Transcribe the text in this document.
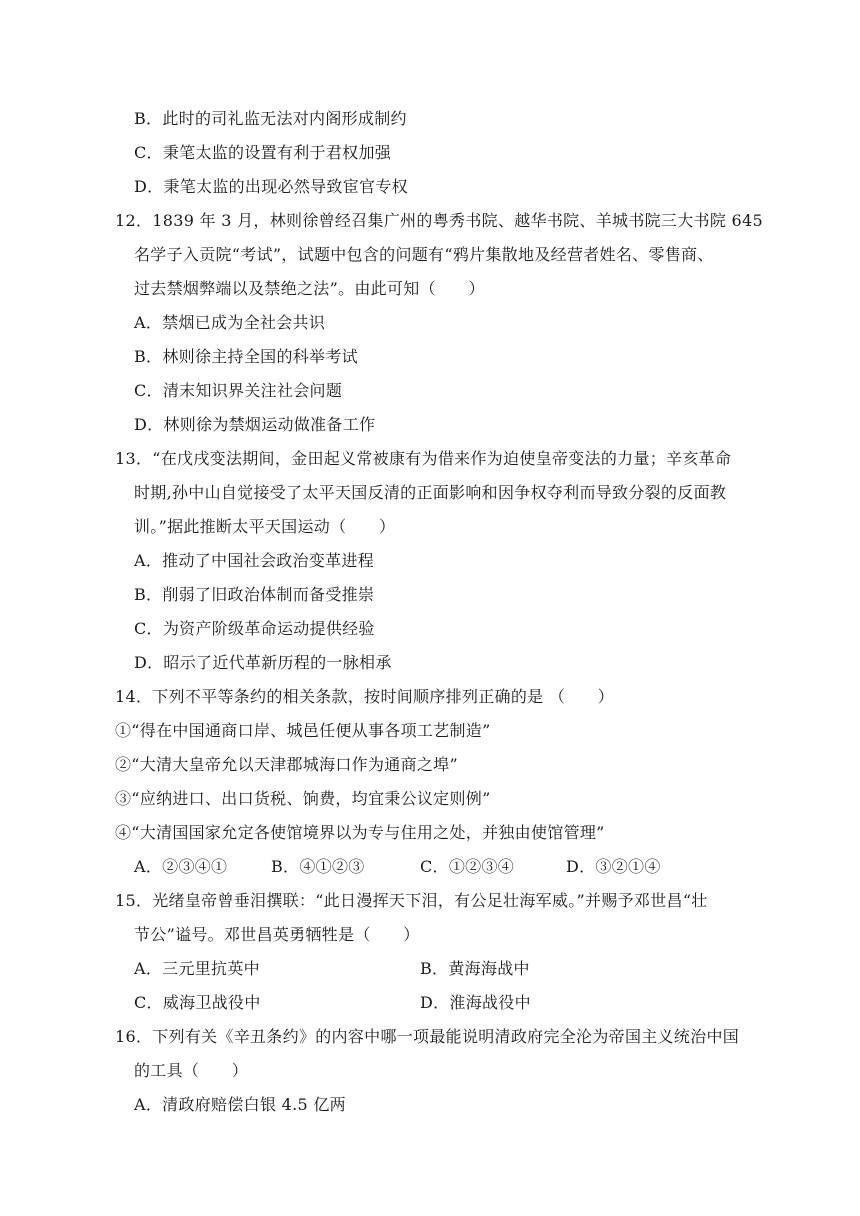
B．此时的司礼监无法对内阁形成制约
C．秉笔太监的设置有利于君权加强
D．秉笔太监的出现必然导致宦官专权
12．1839 年 3 月，林则徐曾经召集广州的粤秀书院、越华书院、羊城书院三大书院 645
名学子入贡院“考试”，试题中包含的问题有“鸦片集散地及经营者姓名、零售商、
过去禁烟弊端以及禁绝之法”。由此可知（　　）
A．禁烟已成为全社会共识
B．林则徐主持全国的科举考试
C．清末知识界关注社会问题
D．林则徐为禁烟运动做准备工作
13．“在戊戌变法期间，金田起义常被康有为借来作为迫使皇帝变法的力量；辛亥革命
时期,孙中山自觉接受了太平天国反清的正面影响和因争权夺利而导致分裂的反面教
训。”据此推断太平天国运动（　　）
A．推动了中国社会政治变革进程
B．削弱了旧政治体制而备受推崇
C．为资产阶级革命运动提供经验
D．昭示了近代革新历程的一脉相承
14．下列不平等条约的相关条款，按时间顺序排列正确的是 （　　）
①“得在中国通商口岸、城邑任便从事各项工艺制造”
②“大清大皇帝允以天津郡城海口作为通商之埠”
③“应纳进口、出口货税、饷费，均宜秉公议定则例”
④“大清国国家允定各使馆境界以为专与住用之处，并独由使馆管理”
A．②③④①	B．④①②③	C．①②③④	D．③②①④
15．光绪皇帝曾垂泪撰联：“此日漫挥天下泪，有公足壮海军威。”并赐予邓世昌“壮
节公”谥号。邓世昌英勇牺牲是（　　）
A．三元里抗英中	B．黄海海战中
C．威海卫战役中	D．淮海战役中
16．下列有关《辛丑条约》的内容中哪一项最能说明清政府完全沦为帝国主义统治中国
的工具（　　）
A．清政府赔偿白银 4.5 亿两
